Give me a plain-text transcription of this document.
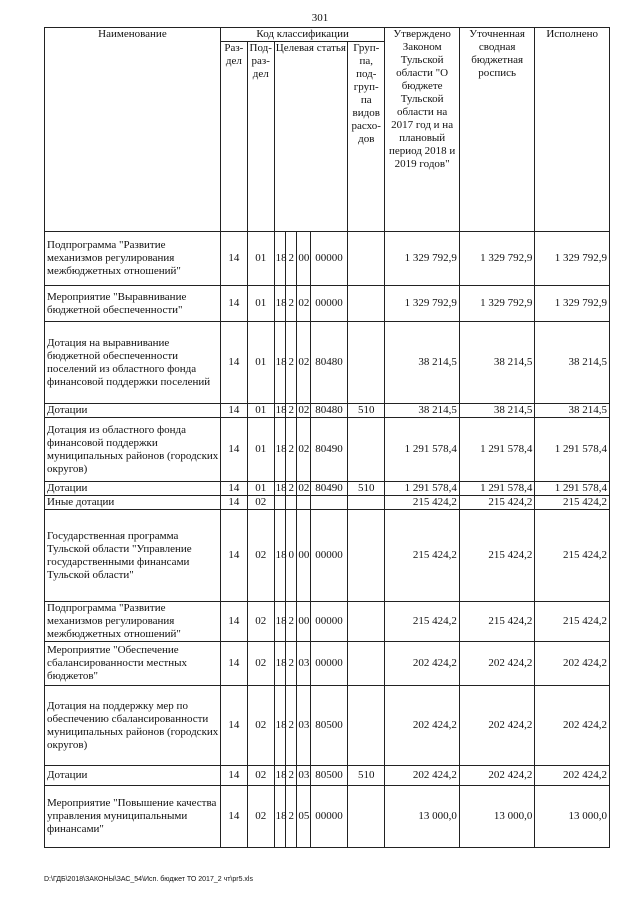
301
Наименование	Код классификации							Утверждено Законом Тульской области "О бюджете Тульской области на 2017 год и на плановый период 2018 и 2019 годов"	Уточненная сводная бюджетная роспись	Исполнено
	Раз-дел	Под-раз-дел	Целевая статья				Груп-па, под-груп-па видов расхо-дов			
Подпрограмма "Развитие механизмов регулирования межбюджетных отношений"	14	01	18	2	00	00000		1 329 792,9	1 329 792,9	1 329 792,9
Мероприятие "Выравнивание бюджетной обеспеченности"	14	01	18	2	02	00000		1 329 792,9	1 329 792,9	1 329 792,9
Дотация на выравнивание бюджетной обеспеченности поселений из областного фонда финансовой поддержки поселений	14	01	18	2	02	80480		38 214,5	38 214,5	38 214,5
Дотации	14	01	18	2	02	80480	510	38 214,5	38 214,5	38 214,5
Дотация из областного фонда финансовой поддержки муниципальных районов (городских округов)	14	01	18	2	02	80490		1 291 578,4	1 291 578,4	1 291 578,4
Дотации	14	01	18	2	02	80490	510	1 291 578,4	1 291 578,4	1 291 578,4
Иные дотации	14	02						215 424,2	215 424,2	215 424,2
Государственная программа Тульской области "Управление государственными финансами Тульской области"	14	02	18	0	00	00000		215 424,2	215 424,2	215 424,2
Подпрограмма "Развитие механизмов регулирования межбюджетных отношений"	14	02	18	2	00	00000		215 424,2	215 424,2	215 424,2
Мероприятие "Обеспечение сбалансированности местных бюджетов"	14	02	18	2	03	00000		202 424,2	202 424,2	202 424,2
Дотация на поддержку мер по обеспечению сбалансированности муниципальных районов (городских округов)	14	02	18	2	03	80500		202 424,2	202 424,2	202 424,2
Дотации	14	02	18	2	03	80500	510	202 424,2	202 424,2	202 424,2
Мероприятие "Повышение качества управления муниципальными финансами"	14	02	18	2	05	00000		13 000,0	13 000,0	13 000,0
D:\ГДБ\2018\ЗАКОНЫ\ЗАС_54\Исп. бюджет ТО 2017_2 чт\pr5.xls
